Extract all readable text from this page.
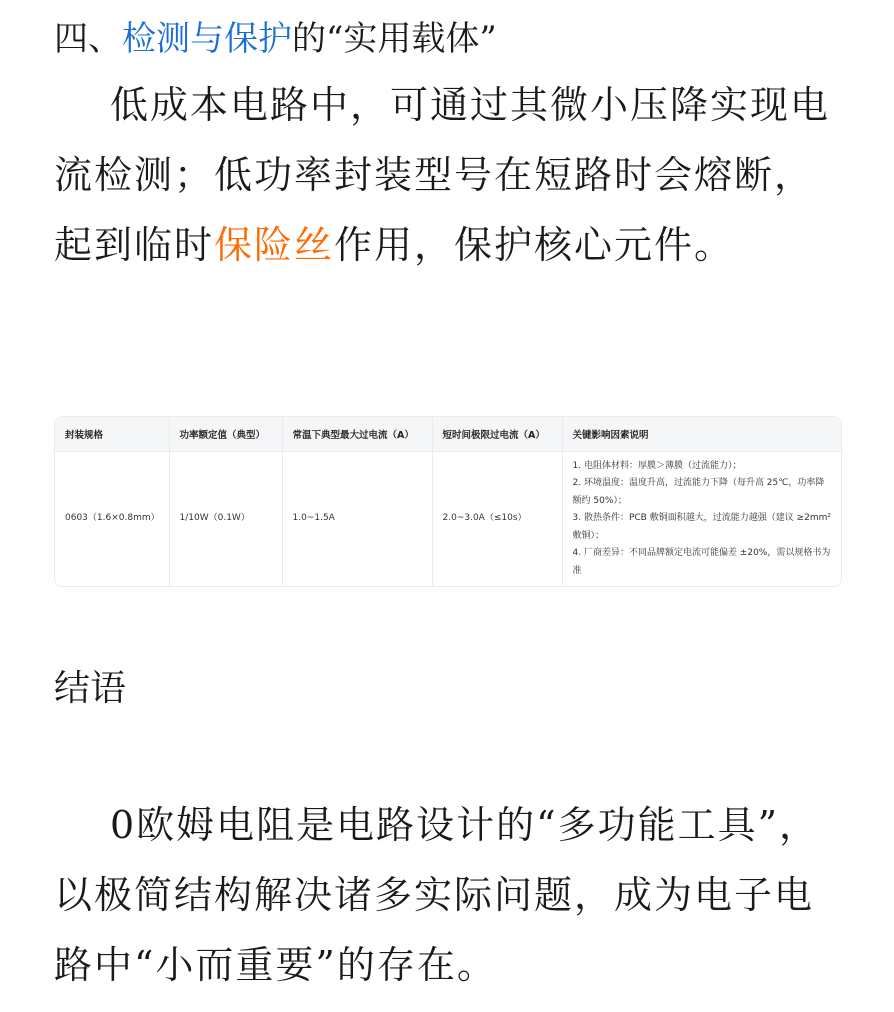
四、检测与保护的“实用载体”
低成本电路中，可通过其微小压降实现电流检测；低功率封装型号在短路时会熔断，起到临时保险丝作用，保护核心元件。
封装规格	功率额定值（典型）	常温下典型最大过电流（A）	短时间极限过电流（A）	关键影响因素说明
0603（1.6×0.8mm）	1/10W（0.1W）	1.0~1.5A	2.0~3.0A（≤10s）	1. 电阻体材料：厚膜＞薄膜（过流能力）；
2. 环境温度：温度升高，过流能力下降（每升高 25℃，功率降额约 50%）；
3. 散热条件：PCB 敷铜面积越大，过流能力越强（建议 ≥2mm² 敷铜）；
4. 厂商差异：不同品牌额定电流可能偏差 ±20%，需以规格书为准
结语
0欧姆电阻是电路设计的“多功能工具”，以极简结构解决诸多实际问题，成为电子电路中“小而重要”的存在。
